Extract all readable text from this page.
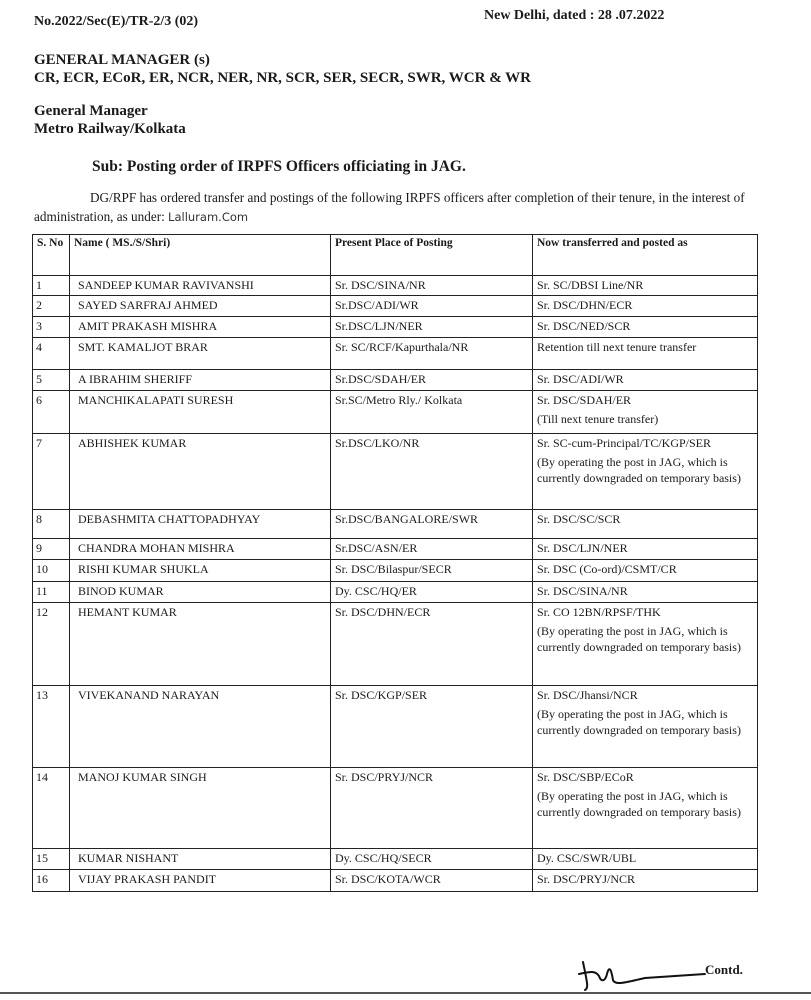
No.2022/Sec(E)/TR-2/3 (02)	New Delhi, dated : 28 .07.2022
GENERAL MANAGER (s)
CR, ECR, ECoR, ER, NCR, NER, NR, SCR, SER, SECR, SWR, WCR & WR
General Manager
Metro Railway/Kolkata
Sub: Posting order of IRPFS Officers officiating in JAG.
DG/RPF has ordered transfer and postings of the following IRPFS officers after completion of their tenure, in the interest of administration, as under: Lalluram.Com
S. No	Name ( MS./S/Shri)	Present Place of Posting	Now transferred and posted as
1	SANDEEP KUMAR RAVIVANSHI	Sr. DSC/SINA/NR	Sr. SC/DBSI Line/NR
2	SAYED SARFRAJ AHMED	Sr.DSC/ADI/WR	Sr. DSC/DHN/ECR
3	AMIT PRAKASH MISHRA	Sr.DSC/LJN/NER	Sr. DSC/NED/SCR
4	SMT. KAMALJOT BRAR	Sr. SC/RCF/Kapurthala/NR	Retention till next tenure transfer
5	A IBRAHIM SHERIFF	Sr.DSC/SDAH/ER	Sr. DSC/ADI/WR
6	MANCHIKALAPATI SURESH	Sr.SC/Metro Rly./ Kolkata	Sr. DSC/SDAH/ER
(Till next tenure transfer)

7	ABHISHEK KUMAR	Sr.DSC/LKO/NR	Sr. SC-cum-Principal/TC/KGP/SER
(By operating the post in JAG, which is currently downgraded on temporary basis)

8	DEBASHMITA CHATTOPADHYAY	Sr.DSC/BANGALORE/SWR	Sr. DSC/SC/SCR
9	CHANDRA MOHAN MISHRA	Sr.DSC/ASN/ER	Sr. DSC/LJN/NER
10	RISHI KUMAR SHUKLA	Sr. DSC/Bilaspur/SECR	Sr. DSC (Co-ord)/CSMT/CR
11	BINOD KUMAR	Dy. CSC/HQ/ER	Sr. DSC/SINA/NR
12	HEMANT KUMAR	Sr. DSC/DHN/ECR	Sr. CO 12BN/RPSF/THK
(By operating the post in JAG, which is currently downgraded on temporary basis)

13	VIVEKANAND NARAYAN	Sr. DSC/KGP/SER	Sr. DSC/Jhansi/NCR
(By operating the post in JAG, which is currently downgraded on temporary basis)

14	MANOJ KUMAR SINGH	Sr. DSC/PRYJ/NCR	Sr. DSC/SBP/ECoR
(By operating the post in JAG, which is currently downgraded on temporary basis)

15	KUMAR NISHANT	Dy. CSC/HQ/SECR	Dy. CSC/SWR/UBL
16	VIJAY PRAKASH PANDIT	Sr. DSC/KOTA/WCR	Sr. DSC/PRYJ/NCR
Contd.
